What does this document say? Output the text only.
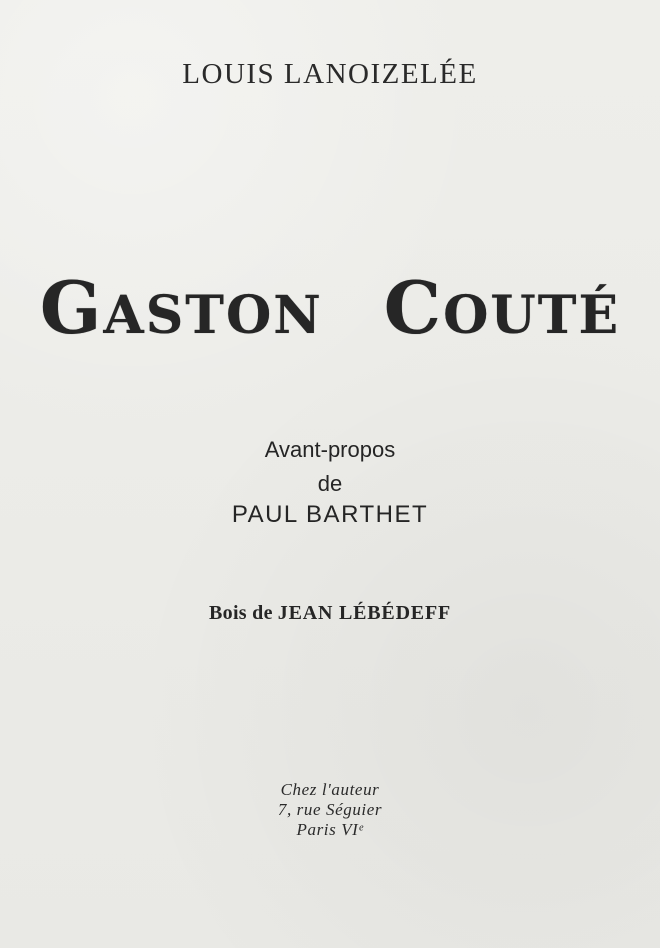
LOUIS LANOIZELÉE
GASTON COUTÉ
Avant-propos
de
PAUL BARTHET
Bois de JEAN LÉBÉDEFF
Chez l'auteur
7, rue Séguier
Paris VIᵉ
